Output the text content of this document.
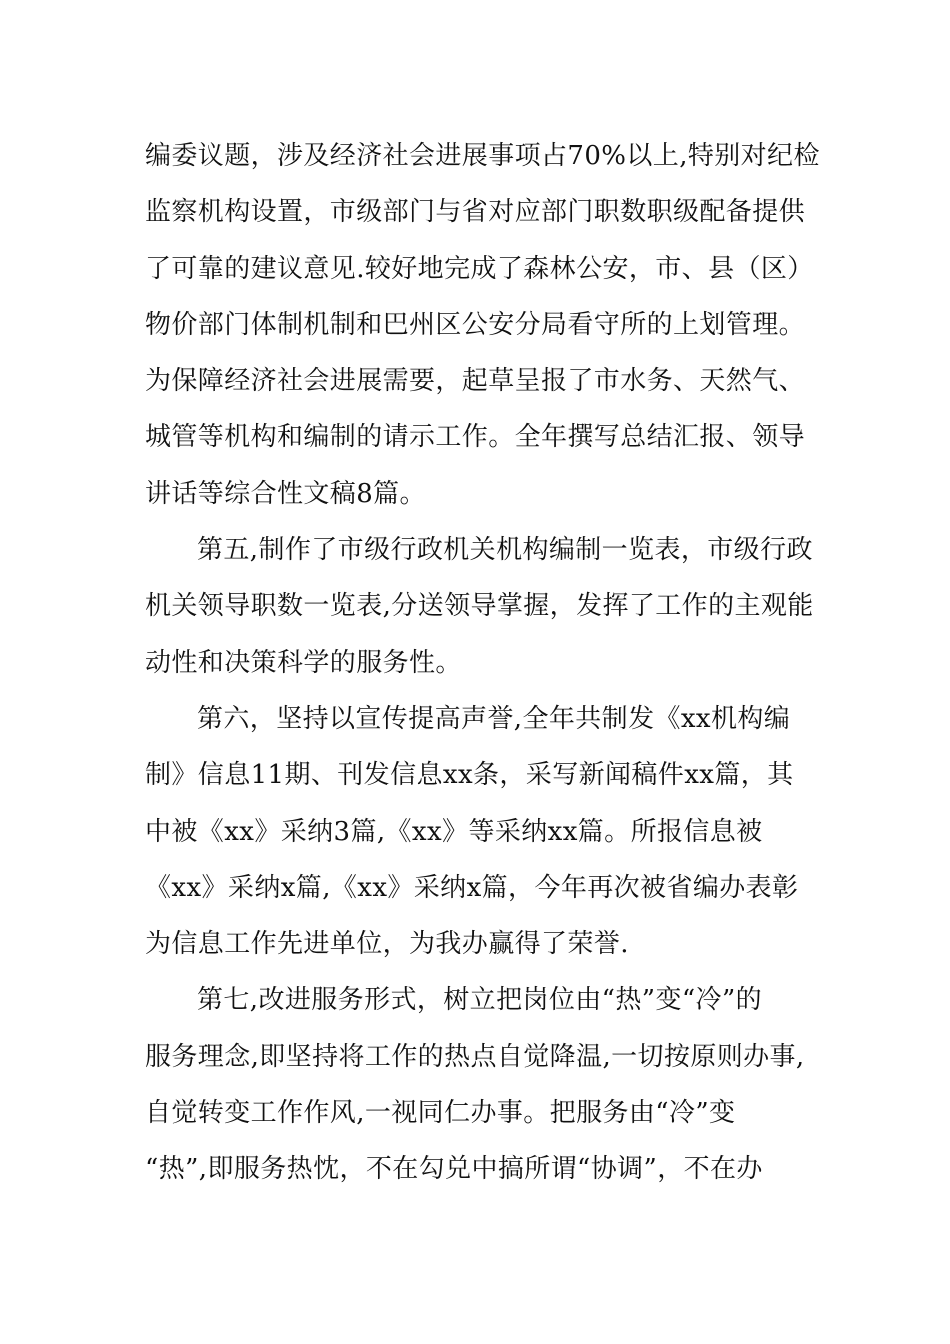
编委议题，涉及经济社会进展事项占70%以上,特别对纪检
监察机构设置，市级部门与省对应部门职数职级配备提供
了可靠的建议意见.较好地完成了森林公安，市、县（区）
物价部门体制机制和巴州区公安分局看守所的上划管理。
为保障经济社会进展需要，起草呈报了市水务、天然气、
城管等机构和编制的请示工作。全年撰写总结汇报、领导
讲话等综合性文稿8篇。
第五,制作了市级行政机关机构编制一览表，市级行政
机关领导职数一览表,分送领导掌握，发挥了工作的主观能
动性和决策科学的服务性。
第六，坚持以宣传提高声誉,全年共制发《xx机构编
制》信息11期、刊发信息xx条，采写新闻稿件xx篇，其
中被《xx》采纳3篇,《xx》等采纳xx篇。所报信息被
《xx》采纳x篇,《xx》采纳x篇，今年再次被省编办表彰
为信息工作先进单位，为我办赢得了荣誉.
第七,改进服务形式，树立把岗位由“热”变“冷”的
服务理念,即坚持将工作的热点自觉降温,一切按原则办事,
自觉转变工作作风,一视同仁办事。把服务由“冷”变
“热”,即服务热忱，不在勾兑中搞所谓“协调”，不在办
